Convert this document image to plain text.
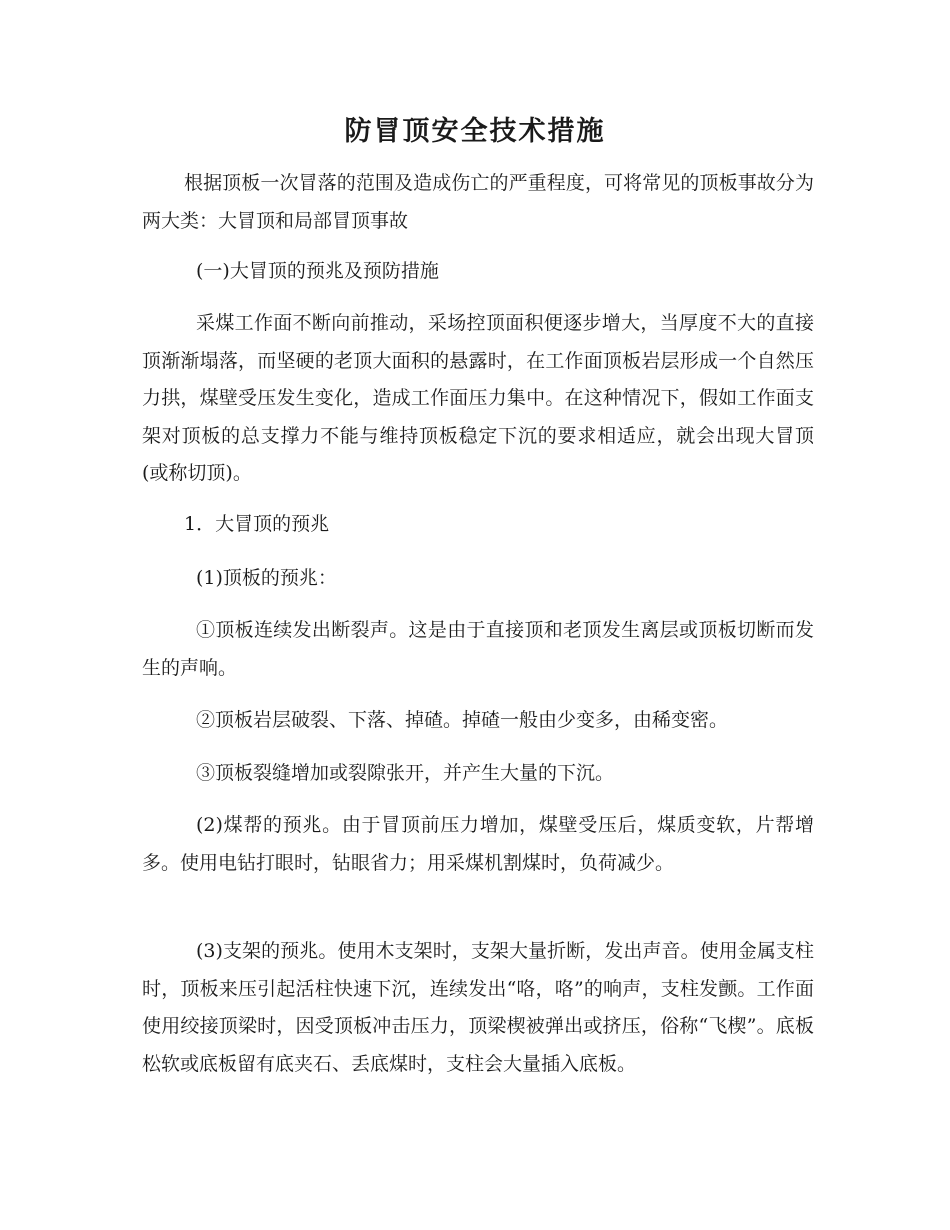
防冒顶安全技术措施

根据顶板一次冒落的范围及造成伤亡的严重程度，可将常见的顶板事故分为两大类：大冒顶和局部冒顶事故

(一)大冒顶的预兆及预防措施

采煤工作面不断向前推动，采场控顶面积便逐步增大，当厚度不大的直接顶渐渐塌落，而坚硬的老顶大面积的悬露时，在工作面顶板岩层形成一个自然压力拱，煤壁受压发生变化，造成工作面压力集中。在这种情况下，假如工作面支架对顶板的总支撑力不能与维持顶板稳定下沉的要求相适应，就会出现大冒顶(或称切顶)。

1．大冒顶的预兆

(1)顶板的预兆：

①顶板连续发出断裂声。这是由于直接顶和老顶发生离层或顶板切断而发生的声响。

②顶板岩层破裂、下落、掉碴。掉碴一般由少变多，由稀变密。

③顶板裂缝增加或裂隙张开，并产生大量的下沉。

(2)煤帮的预兆。由于冒顶前压力增加，煤壁受压后，煤质变软，片帮增多。使用电钻打眼时，钻眼省力；用采煤机割煤时，负荷减少。

(3)支架的预兆。使用木支架时，支架大量折断，发出声音。使用金属支柱时，顶板来压引起活柱快速下沉，连续发出“咯，咯”的响声，支柱发颤。工作面使用绞接顶梁时，因受顶板冲击压力，顶梁楔被弹出或挤压，俗称“飞楔”。底板松软或底板留有底夹石、丢底煤时，支柱会大量插入底板。
